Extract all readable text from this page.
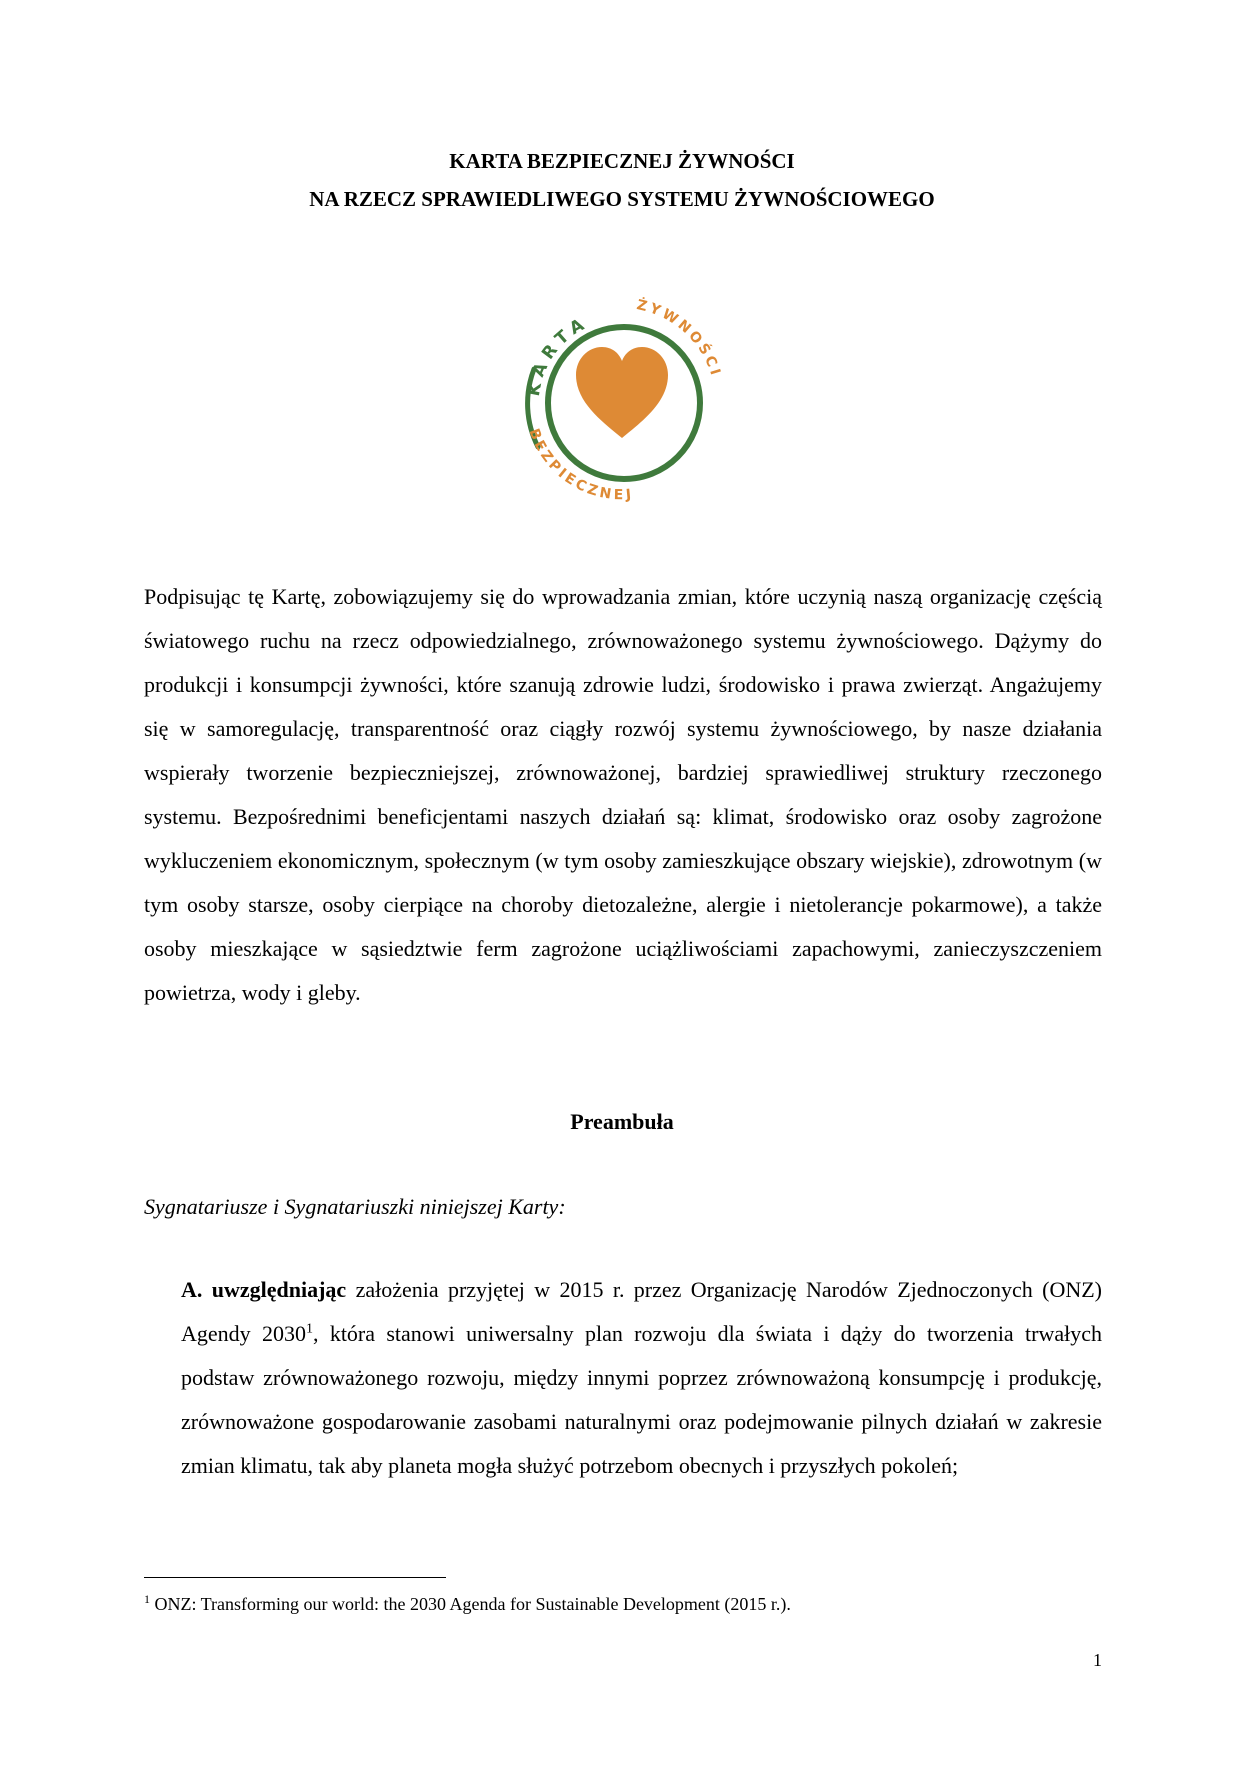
KARTA BEZPIECZNEJ ŻYWNOŚCI
NA RZECZ SPRAWIEDLIWEGO SYSTEMU ŻYWNOŚCIOWEGO
KARTA
ŻYWNOŚCI
BEZPIECZNEJ
Podpisując tę Kartę, zobowiązujemy się do wprowadzania zmian, które uczynią naszą organizację częścią światowego ruchu na rzecz odpowiedzialnego, zrównoważonego systemu żywnościowego. Dążymy do produkcji i konsumpcji żywności, które szanują zdrowie ludzi, środowisko i prawa zwierząt. Angażujemy się w samoregulację, transparentność oraz ciągły rozwój systemu żywnościowego, by nasze działania wspierały tworzenie bezpieczniejszej, zrównoważonej, bardziej sprawiedliwej struktury rzeczonego systemu. Bezpośrednimi beneficjentami naszych działań są: klimat, środowisko oraz osoby zagrożone wykluczeniem ekonomicznym, społecznym (w tym osoby zamieszkujące obszary wiejskie), zdrowotnym (w tym osoby starsze, osoby cierpiące na choroby dietozależne, alergie i nietolerancje pokarmowe), a także osoby mieszkające w sąsiedztwie ferm zagrożone uciążliwościami zapachowymi, zanieczyszczeniem powietrza, wody i gleby.
Preambuła
Sygnatariusze i Sygnatariuszki niniejszej Karty:
A. uwzględniając założenia przyjętej w 2015 r. przez Organizację Narodów Zjednoczonych (ONZ) Agendy 2030$^1$, która stanowi uniwersalny plan rozwoju dla świata i dąży do tworzenia trwałych podstaw zrównoważonego rozwoju, między innymi poprzez zrównoważoną konsumpcję i produkcję, zrównoważone gospodarowanie zasobami naturalnymi oraz podejmowanie pilnych działań w zakresie zmian klimatu, tak aby planeta mogła służyć potrzebom obecnych i przyszłych pokoleń;
$^1$ ONZ: Transforming our world: the 2030 Agenda for Sustainable Development (2015 r.).
1
